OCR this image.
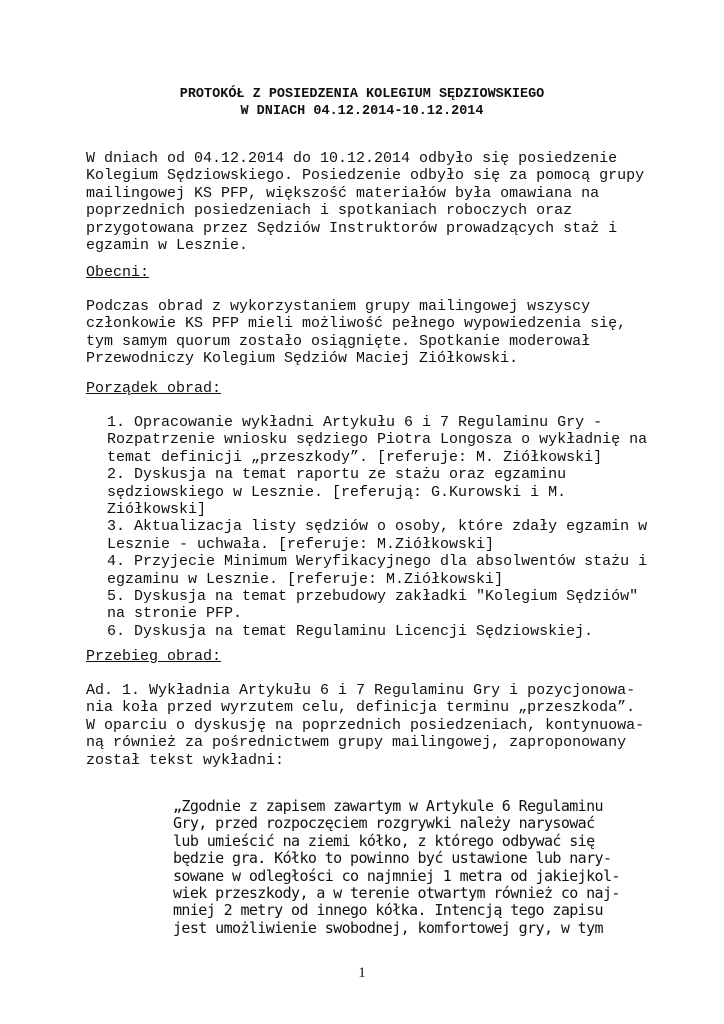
PROTOKÓŁ Z POSIEDZENIA KOLEGIUM SĘDZIOWSKIEGO
W DNIACH 04.12.2014-10.12.2014
W dniach od 04.12.2014 do 10.12.2014 odbyło się posiedzenie
Kolegium Sędziowskiego. Posiedzenie odbyło się za pomocą grupy
mailingowej KS PFP, większość materiałów była omawiana na
poprzednich posiedzeniach i spotkaniach roboczych oraz
przygotowana przez Sędziów Instruktorów prowadzących staż i
egzamin w Lesznie.
Obecni:
Podczas obrad z wykorzystaniem grupy mailingowej wszyscy
członkowie KS PFP mieli możliwość pełnego wypowiedzenia się,
tym samym quorum zostało osiągnięte. Spotkanie moderował
Przewodniczy Kolegium Sędziów Maciej Ziółkowski.
Porządek obrad:
1. Opracowanie wykładni Artykułu 6 i 7 Regulaminu Gry -
Rozpatrzenie wniosku sędziego Piotra Longosza o wykładnię na
temat definicji „przeszkody”. [referuje: M. Ziółkowski]
2. Dyskusja na temat raportu ze stażu oraz egzaminu
sędziowskiego w Lesznie. [referują: G.Kurowski i M.
Ziółkowski]
3. Aktualizacja listy sędziów o osoby, które zdały egzamin w
Lesznie - uchwała. [referuje: M.Ziółkowski]
4. Przyjecie Minimum Weryfikacyjnego dla absolwentów stażu i
egzaminu w Lesznie. [referuje: M.Ziółkowski]
5. Dyskusja na temat przebudowy zakładki "Kolegium Sędziów"
na stronie PFP.
6. Dyskusja na temat Regulaminu Licencji Sędziowskiej.
Przebieg obrad:
Ad. 1. Wykładnia Artykułu 6 i 7 Regulaminu Gry i pozycjonowa-
nia koła przed wyrzutem celu, definicja terminu „przeszkoda”.
W oparciu o dyskusję na poprzednich posiedzeniach, kontynuowa-
ną również za pośrednictwem grupy mailingowej, zaproponowany
został tekst wykładni:
„Zgodnie z zapisem zawartym w Artykule 6 Regulaminu
Gry, przed rozpoczęciem rozgrywki należy narysować
lub umieścić na ziemi kółko, z którego odbywać się
będzie gra. Kółko to powinno być ustawione lub nary-
sowane w odległości co najmniej 1 metra od jakiejkol-
wiek przeszkody, a w terenie otwartym również co naj-
mniej 2 metry od innego kółka. Intencją tego zapisu
jest umożliwienie swobodnej, komfortowej gry, w tym
1
